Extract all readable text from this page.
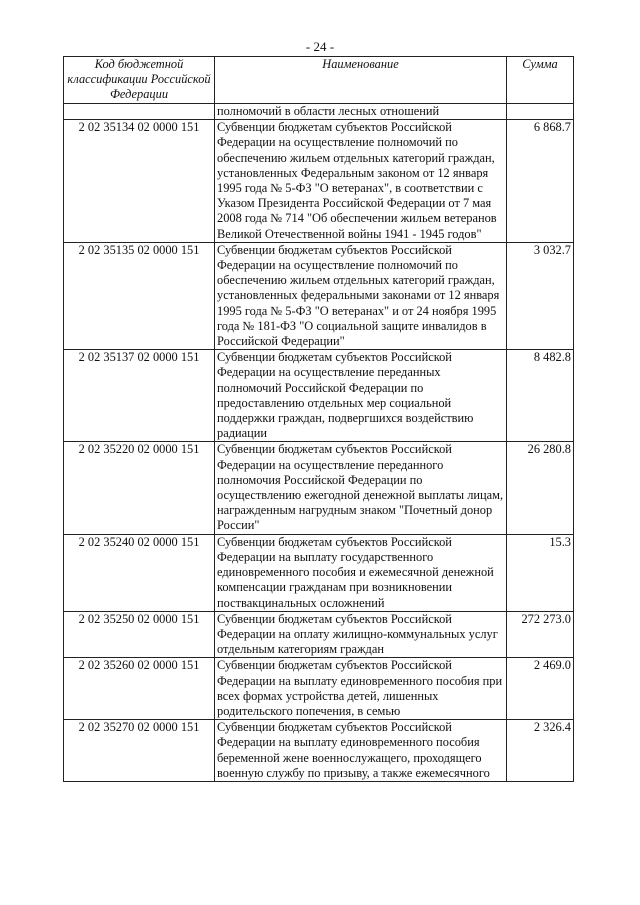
- 24 -
Код бюджетной классификации Российской Федерации	Наименование	Сумма
	полномочий в области лесных отношений	
2 02 35134 02 0000 151	Субвенции бюджетам субъектов Российской Федерации на осуществление полномочий по обеспечению жильем отдельных категорий граждан, установленных Федеральным законом от 12 января 1995 года № 5-ФЗ "О ветеранах", в соответствии с Указом Президента Российской Федерации от 7 мая 2008 года № 714 "Об обеспечении жильем ветеранов Великой Отечественной войны 1941 - 1945 годов"	6 868.7
2 02 35135 02 0000 151	Субвенции бюджетам субъектов Российской Федерации на осуществление полномочий по обеспечению жильем отдельных категорий граждан, установленных федеральными законами от 12 января 1995 года № 5-ФЗ "О ветеранах" и от 24 ноября 1995 года № 181-ФЗ "О социальной защите инвалидов в Российской Федерации"	3 032.7
2 02 35137 02 0000 151	Субвенции бюджетам субъектов Российской Федерации на осуществление переданных полномочий Российской Федерации по предоставлению отдельных мер социальной поддержки граждан, подвергшихся воздействию радиации	8 482.8
2 02 35220 02 0000 151	Субвенции бюджетам субъектов Российской Федерации на осуществление переданного полномочия Российской Федерации по осуществлению ежегодной денежной выплаты лицам, награжденным нагрудным знаком "Почетный донор России"	26 280.8
2 02 35240 02 0000 151	Субвенции бюджетам субъектов Российской Федерации на выплату государственного единовременного пособия и ежемесячной денежной компенсации гражданам при возникновении поствакцинальных осложнений	15.3
2 02 35250 02 0000 151	Субвенции бюджетам субъектов Российской Федерации на оплату жилищно-коммунальных услуг отдельным категориям граждан	272 273.0
2 02 35260 02 0000 151	Субвенции бюджетам субъектов Российской Федерации на выплату единовременного пособия при всех формах устройства детей, лишенных родительского попечения, в семью	2 469.0
2 02 35270 02 0000 151	Субвенции бюджетам субъектов Российской Федерации на выплату единовременного пособия беременной жене военнослужащего, проходящего военную службу по призыву, а также ежемесячного	2 326.4
